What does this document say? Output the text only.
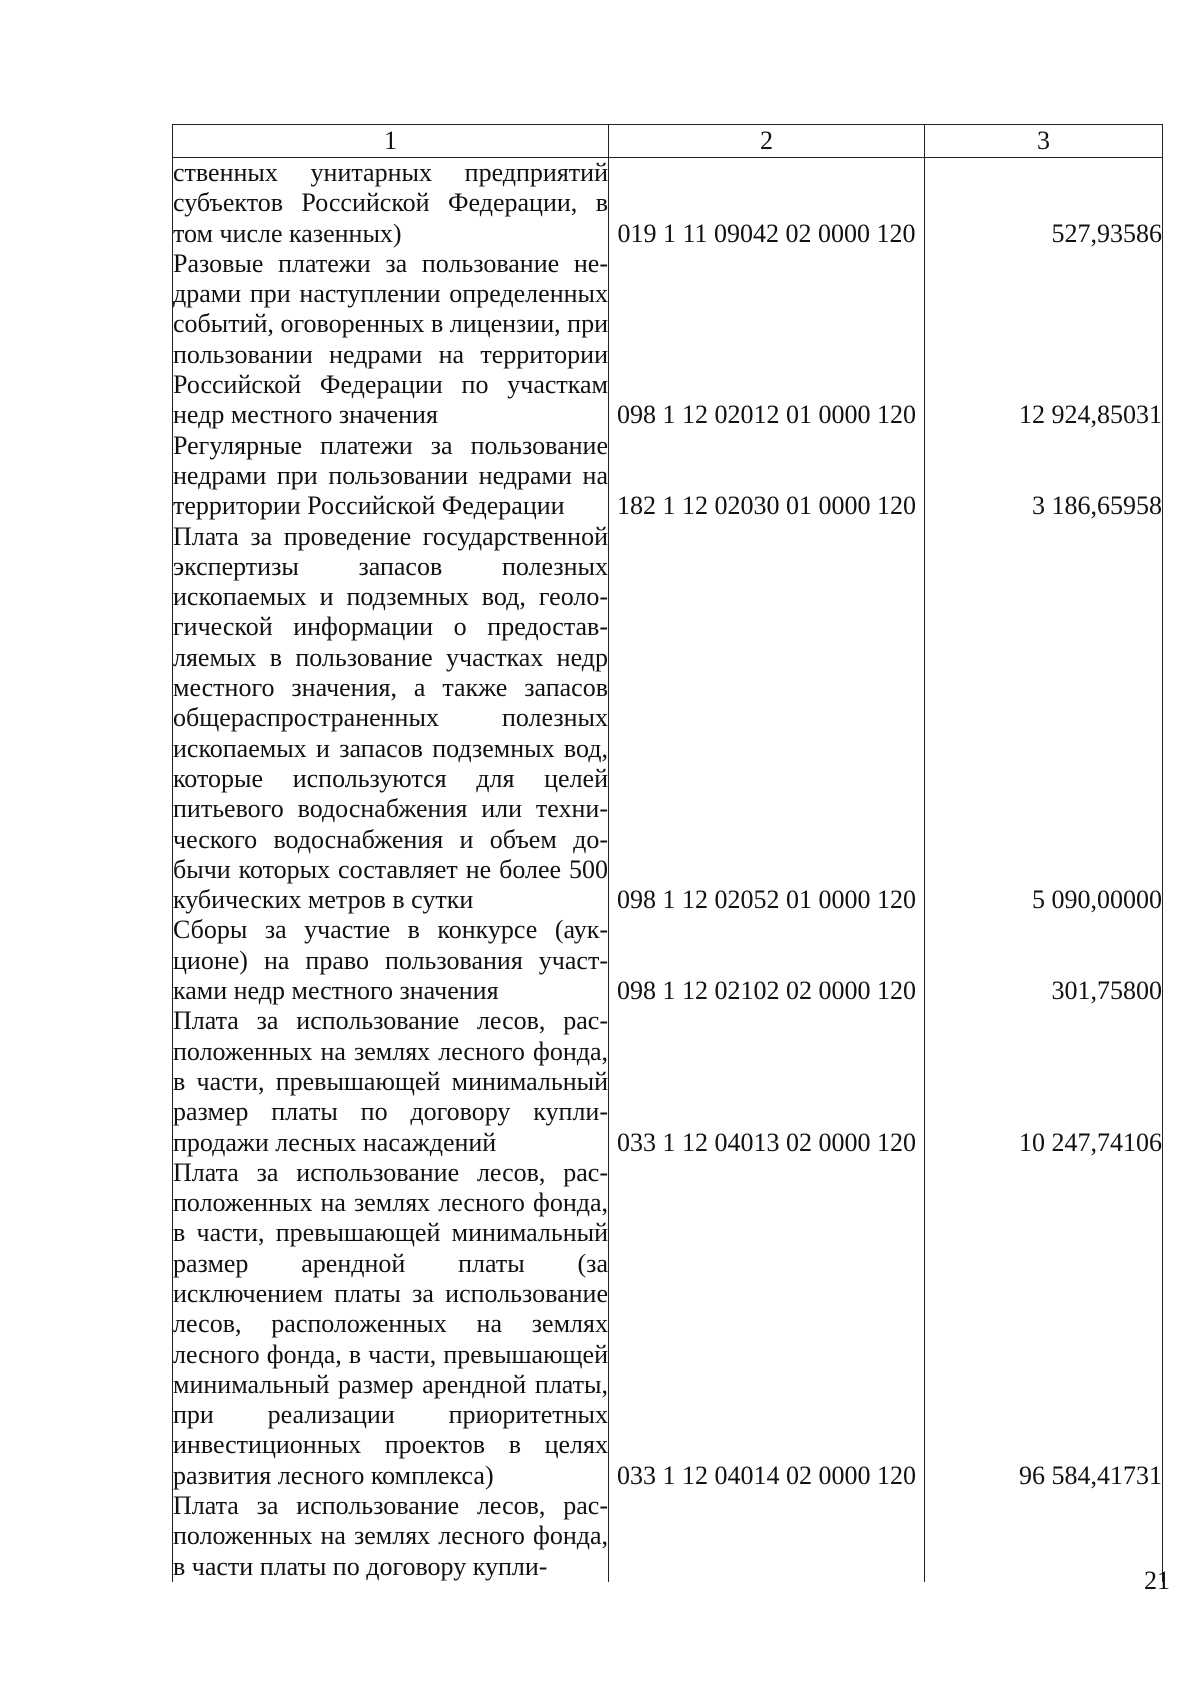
1	2	3
ственных унитарных предприятий субъектов Российской Федерации, в том числе казенных)	019 1 11 09042 02 0000 120	527,93586
Разовые платежи за пользование недрами при наступлении определенных событий, оговоренных в лицензии, при пользовании недрами на территории Российской Федерации по участкам недр местного значения	098 1 12 02012 01 0000 120	12 924,85031
Регулярные платежи за пользование недрами при пользовании недрами на территории Российской Федерации	182 1 12 02030 01 0000 120	3 186,65958
Плата за проведение государственной экспертизы запасов полезных ископаемых и подземных вод, геологической информации о предоставляемых в пользование участках недр местного значения, а также запасов общераспространенных полезных ископаемых и запасов подземных вод, которые используются для целей питьевого водоснабжения или технического водоснабжения и объем добычи которых составляет не более 500 кубических метров в сутки	098 1 12 02052 01 0000 120	5 090,00000
Сборы за участие в конкурсе (аукционе) на право пользования участками недр местного значения	098 1 12 02102 02 0000 120	301,75800
Плата за использование лесов, расположенных на землях лесного фонда, в части, превышающей минимальный размер платы по договору купли-продажи лесных насаждений	033 1 12 04013 02 0000 120	10 247,74106
Плата за использование лесов, расположенных на землях лесного фонда, в части, превышающей минимальный размер арендной платы (за исключением платы за использование лесов, расположенных на землях лесного фонда, в части, превышающей минимальный размер арендной платы, при реализации приоритетных инвестиционных проектов в целях развития лесного комплекса)	033 1 12 04014 02 0000 120	96 584,41731
Плата за использование лесов, расположенных на землях лесного фонда, в части платы по договору купли-			21
